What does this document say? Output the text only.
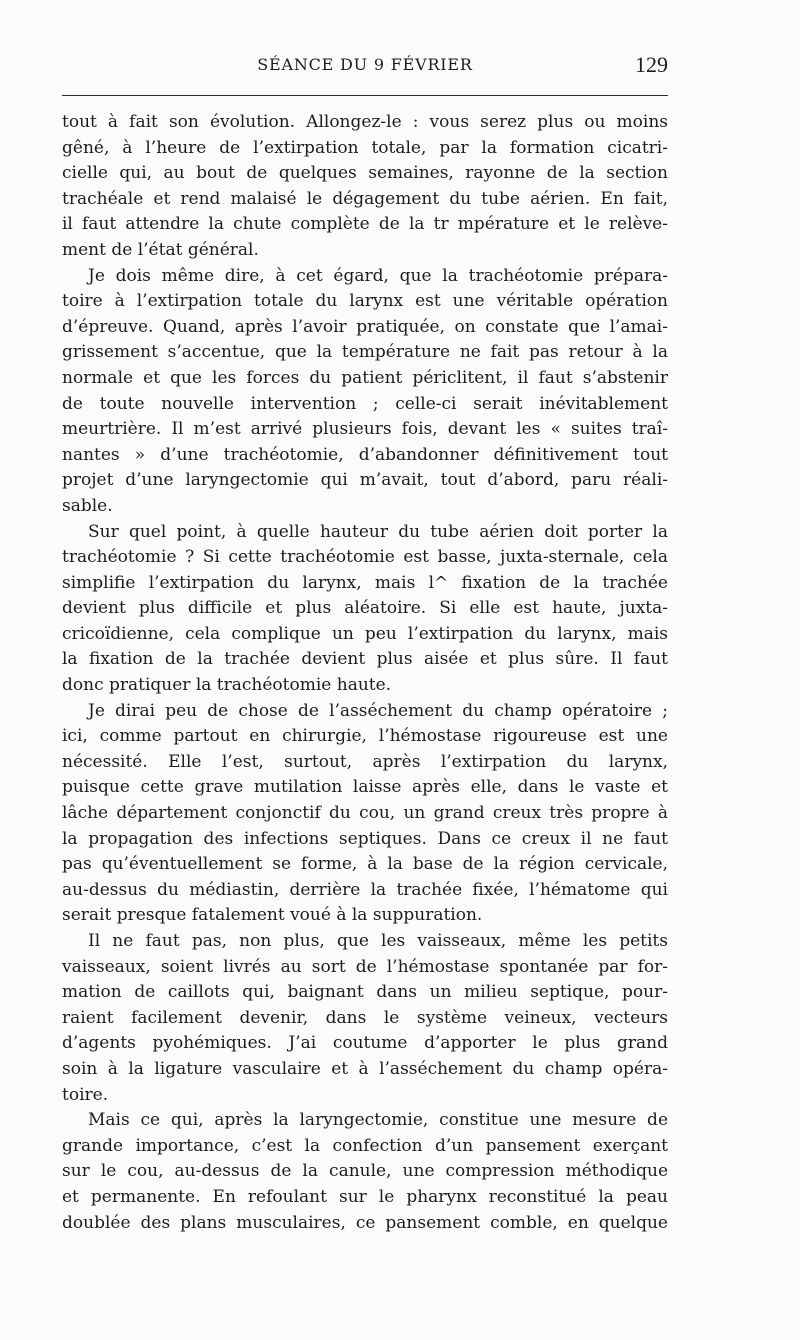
SÉANCE DU 9 FÉVRIER	129
tout à fait son évolution. Allongez-le : vous serez plus ou moins
gêné, à l’heure de l’extirpation totale, par la formation cicatri-
cielle qui, au bout de quelques semaines, rayonne de la section
trachéale et rend malaisé le dégagement du tube aérien. En fait,
il faut attendre la chute complète de la tr mpérature et le relève-
ment de l’état général.
Je dois même dire, à cet égard, que la trachéotomie prépara-
toire à l’extirpation totale du larynx est une véritable opération
d’épreuve. Quand, après l’avoir pratiquée, on constate que l’amai-
grissement s’accentue, que la température ne fait pas retour à la
normale et que les forces du patient périclitent, il faut s’abstenir
de toute nouvelle intervention ; celle-ci serait inévitablement
meurtrière. Il m’est arrivé plusieurs fois, devant les « suites traî-
nantes » d’une trachéotomie, d’abandonner définitivement tout
projet d’une laryngectomie qui m’avait, tout d’abord, paru réali-
sable.
Sur quel point, à quelle hauteur du tube aérien doit porter la
trachéotomie ? Si cette trachéotomie est basse, juxta-sternale, cela
simplifie l’extirpation du larynx, mais l^ fixation de la trachée
devient plus difficile et plus aléatoire. Si elle est haute, juxta-
cricoïdienne, cela complique un peu l’extirpation du larynx, mais
la fixation de la trachée devient plus aisée et plus sûre. Il faut
donc pratiquer la trachéotomie haute.
Je dirai peu de chose de l’asséchement du champ opératoire ;
ici, comme partout en chirurgie, l’hémostase rigoureuse est une
nécessité. Elle l’est, surtout, après l’extirpation du larynx,
puisque cette grave mutilation laisse après elle, dans le vaste et
lâche département conjonctif du cou, un grand creux très propre à
la propagation des infections septiques. Dans ce creux il ne faut
pas qu’éventuellement se forme, à la base de la région cervicale,
au-dessus du médiastin, derrière la trachée fixée, l’hématome qui
serait presque fatalement voué à la suppuration.
Il ne faut pas, non plus, que les vaisseaux, même les petits
vaisseaux, soient livrés au sort de l’hémostase spontanée par for-
mation de caillots qui, baignant dans un milieu septique, pour-
raient facilement devenir, dans le système veineux, vecteurs
d’agents pyohémiques. J’ai coutume d’apporter le plus grand
soin à la ligature vasculaire et à l’asséchement du champ opéra-
toire.
Mais ce qui, après la laryngectomie, constitue une mesure de
grande importance, c’est la confection d’un pansement exerçant
sur le cou, au-dessus de la canule, une compression méthodique
et permanente. En refoulant sur le pharynx reconstitué la peau
doublée des plans musculaires, ce pansement comble, en quelque
